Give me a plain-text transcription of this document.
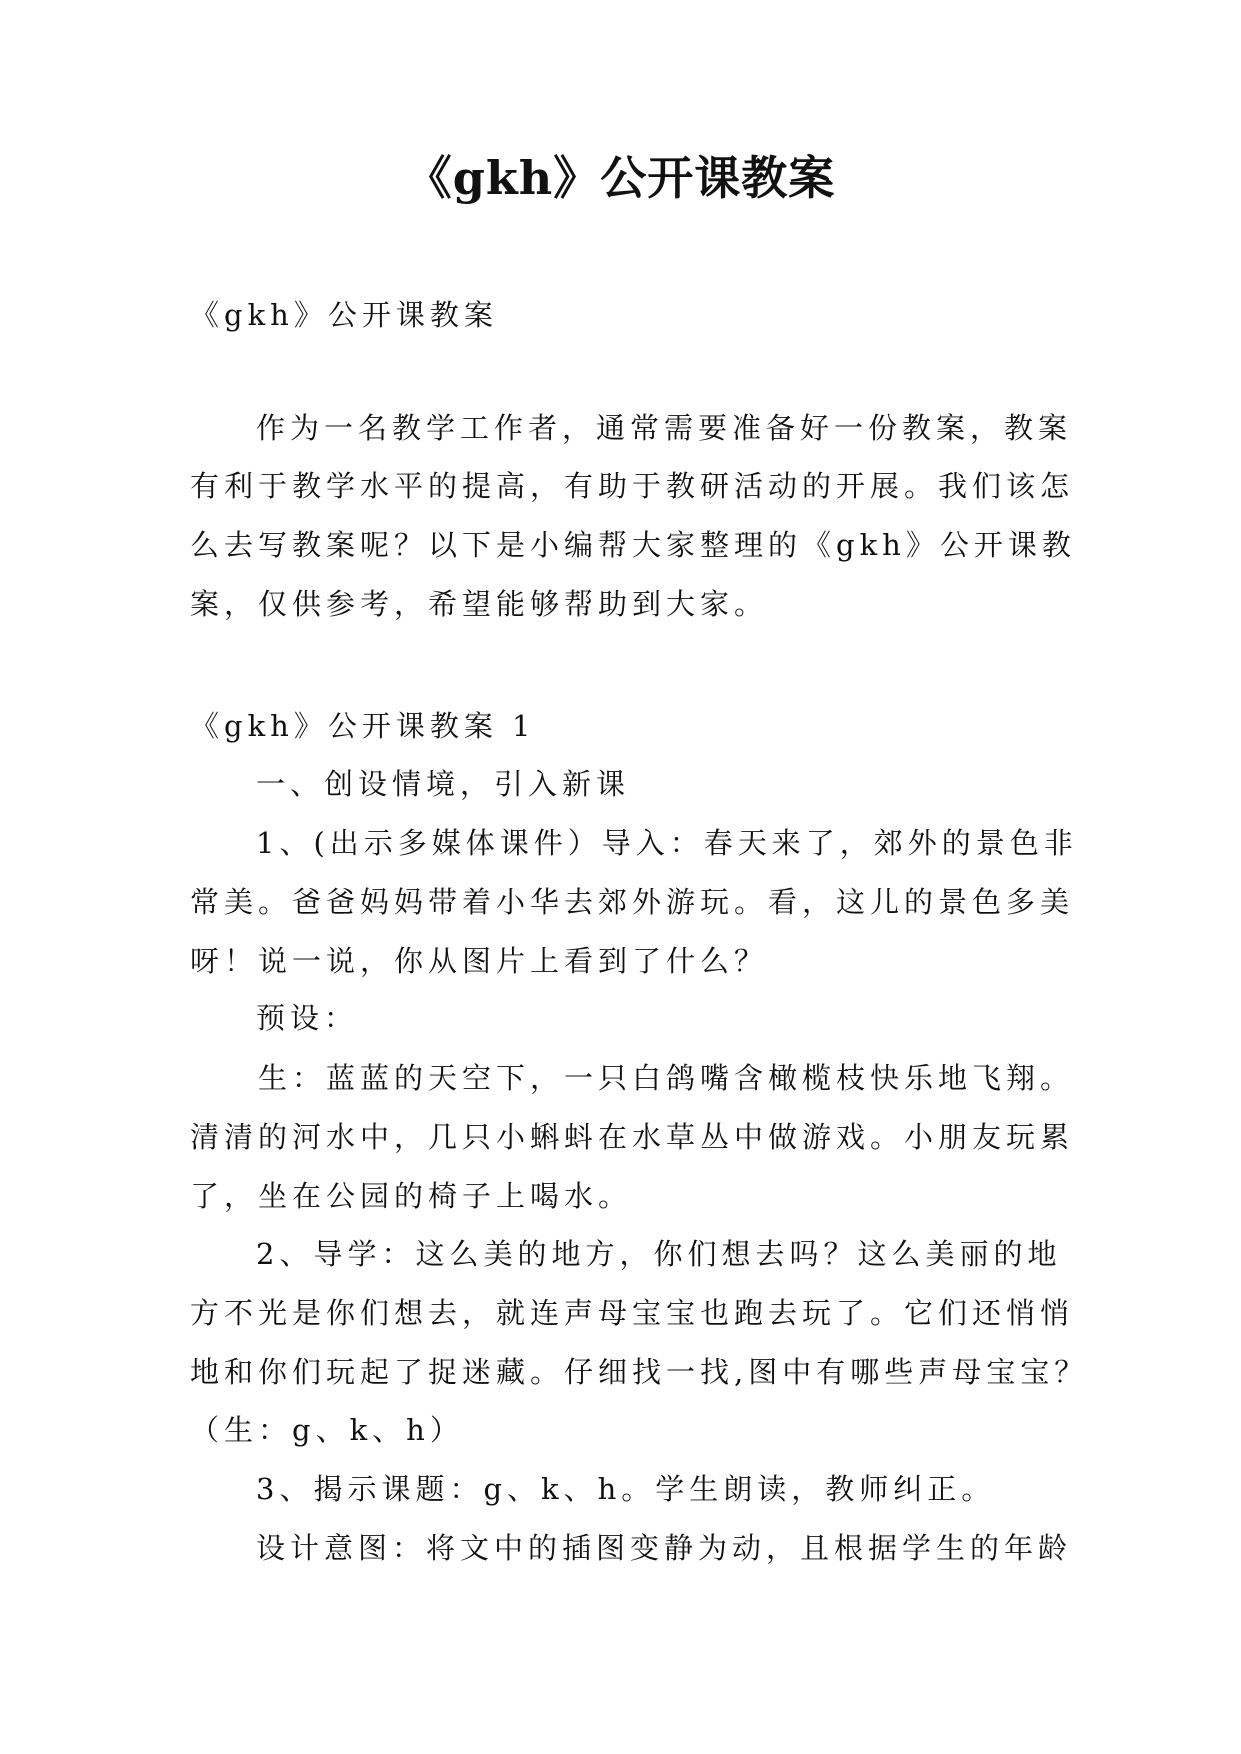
《gkh》公开课教案
《gkh》公开课教案
作为一名教学工作者，通常需要准备好一份教案，教案
有利于教学水平的提高，有助于教研活动的开展。我们该怎
么去写教案呢？以下是小编帮大家整理的《gkh》公开课教
案，仅供参考，希望能够帮助到大家。
《gkh》公开课教案 1
一、创设情境，引入新课
1、(出示多媒体课件）导入：春天来了，郊外的景色非
常美。爸爸妈妈带着小华去郊外游玩。看，这儿的景色多美
呀！说一说，你从图片上看到了什么？
预设：
生：蓝蓝的天空下，一只白鸽嘴含橄榄枝快乐地飞翔。
清清的河水中，几只小蝌蚪在水草丛中做游戏。小朋友玩累
了，坐在公园的椅子上喝水。
2、导学：这么美的地方，你们想去吗？这么美丽的地
方不光是你们想去，就连声母宝宝也跑去玩了。它们还悄悄
地和你们玩起了捉迷藏。仔细找一找,图中有哪些声母宝宝？
（生：g、k、h）
3、揭示课题：g、k、h。学生朗读，教师纠正。
设计意图：将文中的插图变静为动，且根据学生的年龄
